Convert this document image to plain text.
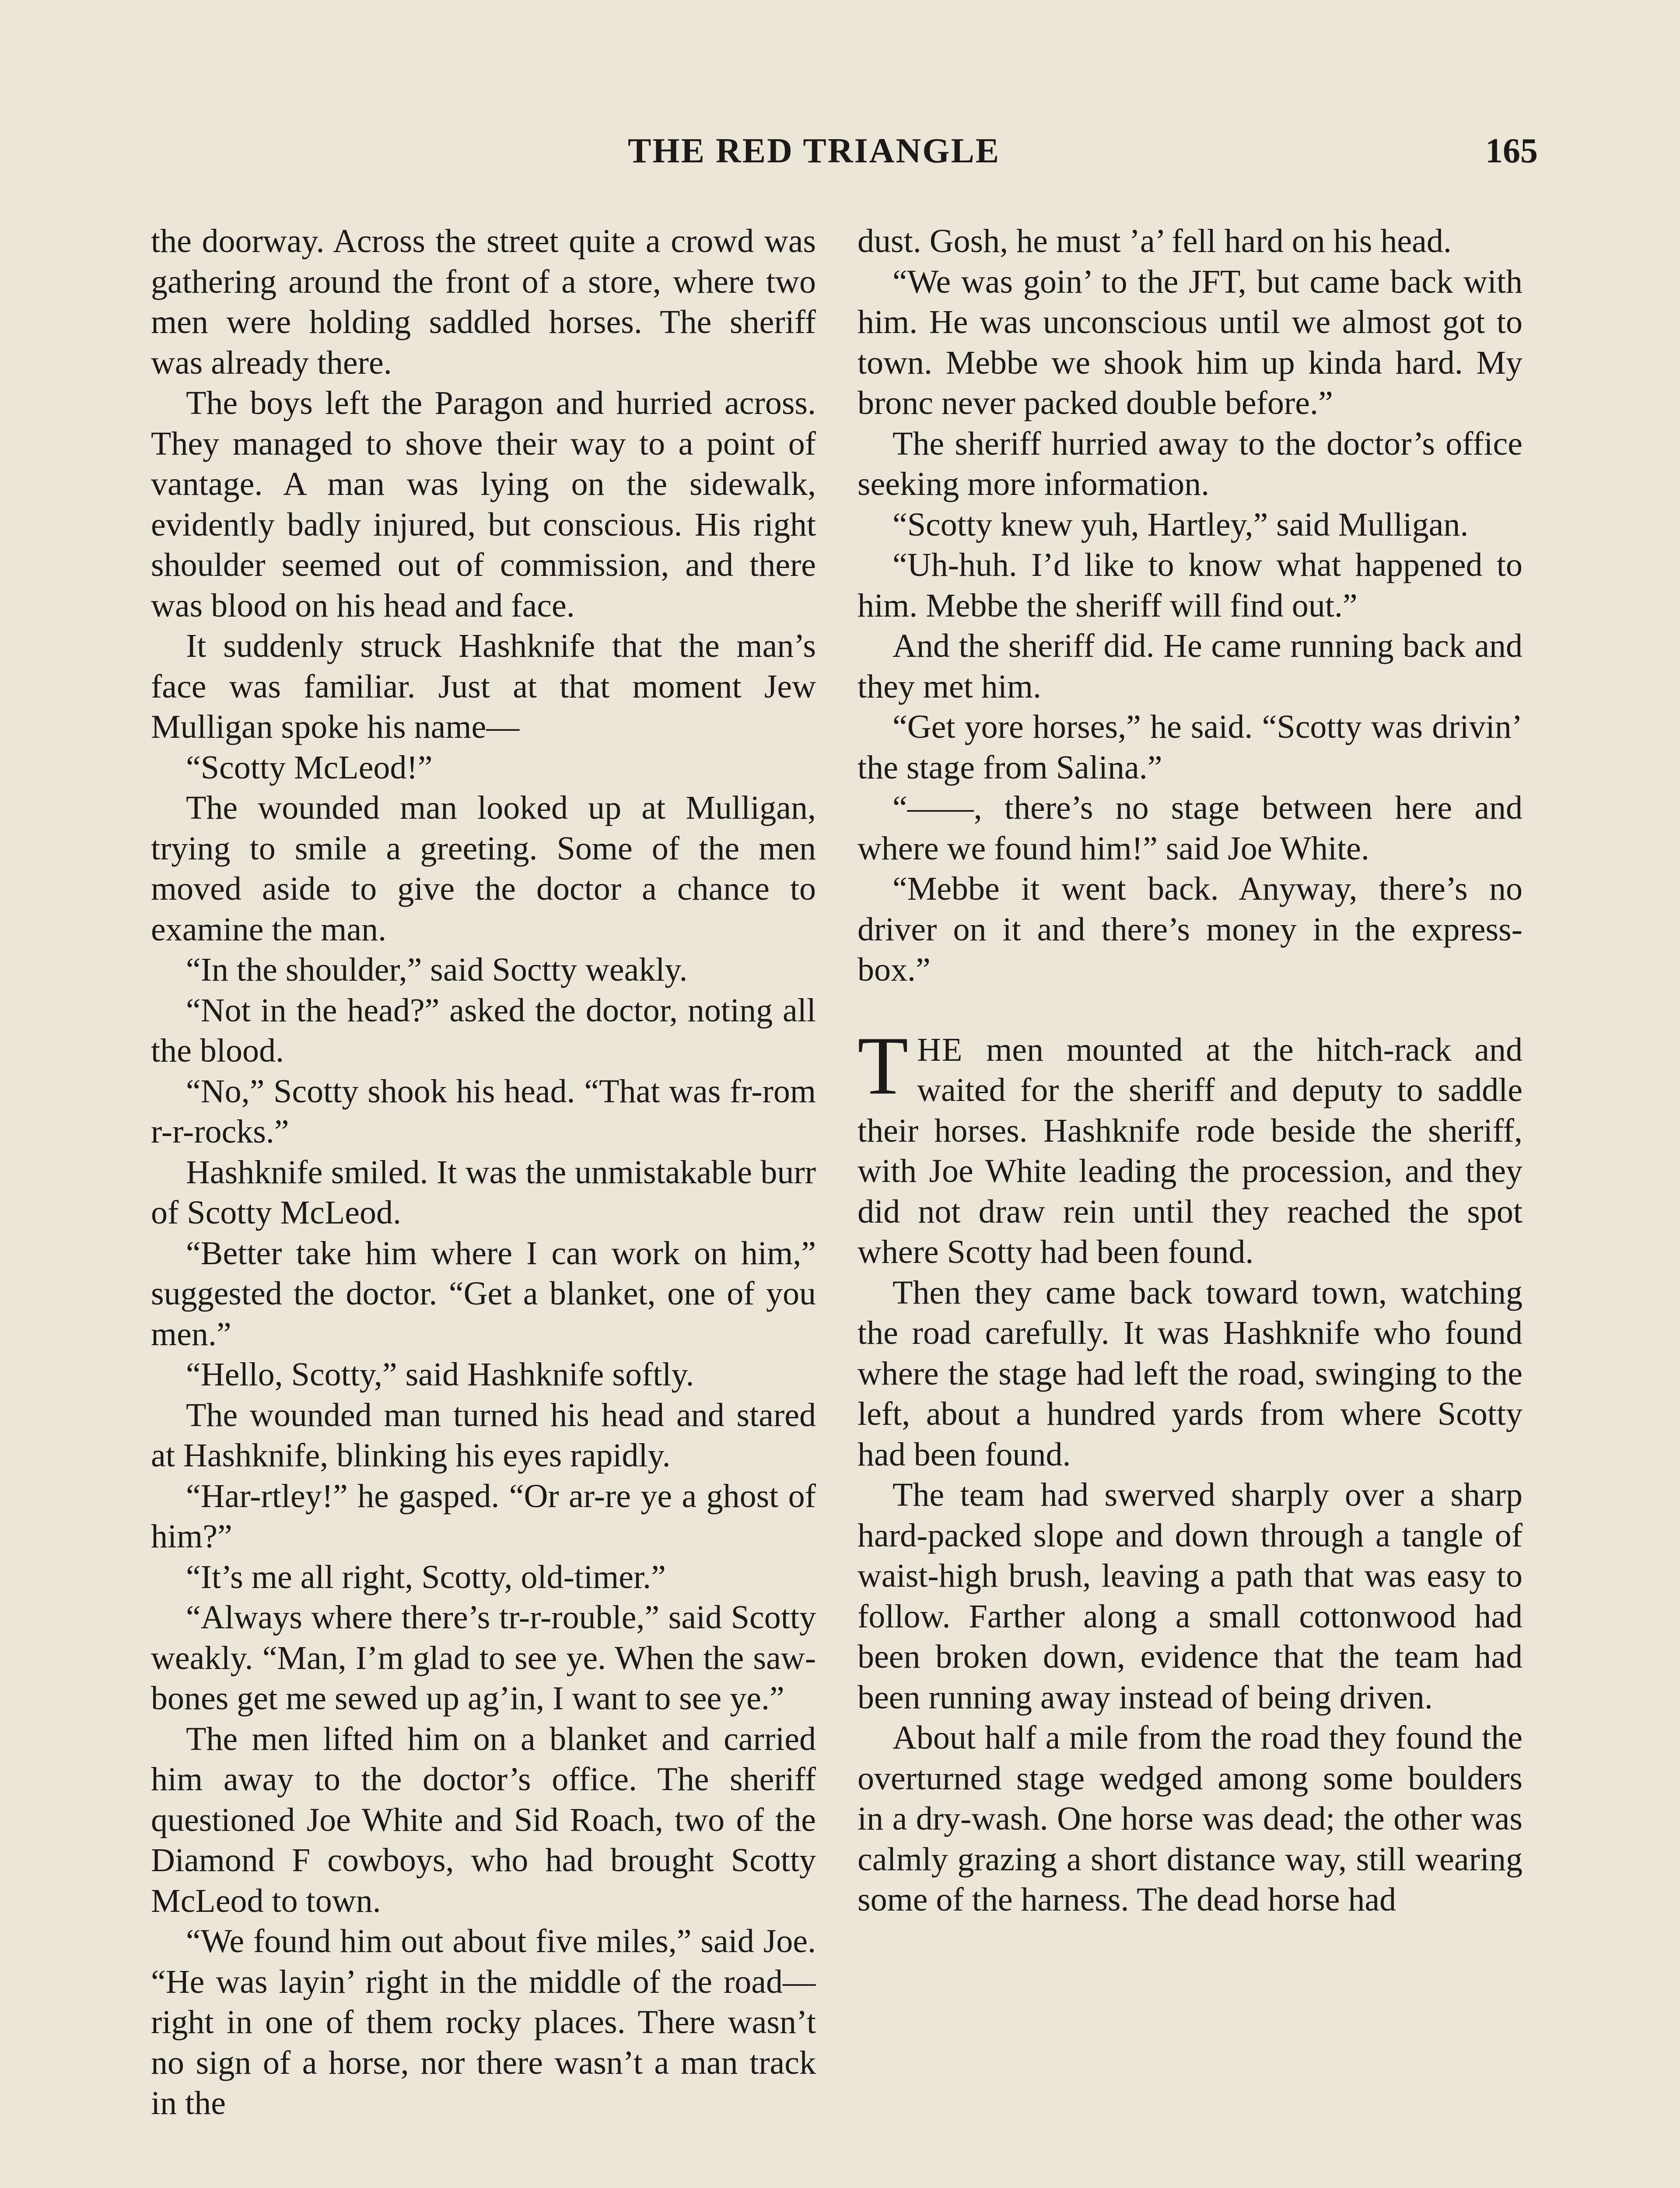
THE RED TRIANGLE	165

the doorway. Across the street quite a crowd was gathering around the front of a store, where two men were holding saddled horses. The sheriff was already there.

The boys left the Paragon and hurried across. They managed to shove their way to a point of vantage. A man was lying on the sidewalk, evidently badly injured, but conscious. His right shoulder seemed out of commission, and there was blood on his head and face.

It suddenly struck Hashknife that the man’s face was familiar. Just at that moment Jew Mulligan spoke his name—

“Scotty McLeod!”

The wounded man looked up at Mulligan, trying to smile a greeting. Some of the men moved aside to give the doctor a chance to examine the man.

“In the shoulder,” said Soctty weakly.

“Not in the head?” asked the doctor, noting all the blood.

“No,” Scotty shook his head. “That was fr-rom r-r-rocks.”

Hashknife smiled. It was the unmistakable burr of Scotty McLeod.

“Better take him where I can work on him,” suggested the doctor. “Get a blanket, one of you men.”

“Hello, Scotty,” said Hashknife softly.

The wounded man turned his head and stared at Hashknife, blinking his eyes rapidly.

“Har-rtley!” he gasped. “Or ar-re ye a ghost of him?”

“It’s me all right, Scotty, old-timer.”

“Always where there’s tr-r-rouble,” said Scotty weakly. “Man, I’m glad to see ye. When the saw-bones get me sewed up ag’in, I want to see ye.”

The men lifted him on a blanket and carried him away to the doctor’s office. The sheriff questioned Joe White and Sid Roach, two of the Diamond F cowboys, who had brought Scotty McLeod to town.

“We found him out about five miles,” said Joe. “He was layin’ right in the middle of the road—right in one of them rocky places. There wasn’t no sign of a horse, nor there wasn’t a man track in the

dust. Gosh, he must ’a’ fell hard on his head.

“We was goin’ to the JFT, but came back with him. He was unconscious until we almost got to town. Mebbe we shook him up kinda hard. My bronc never packed double before.”

The sheriff hurried away to the doctor’s office seeking more information.

“Scotty knew yuh, Hartley,” said Mulligan.

“Uh-huh. I’d like to know what happened to him. Mebbe the sheriff will find out.”

And the sheriff did. He came running back and they met him.

“Get yore horses,” he said. “Scotty was drivin’ the stage from Salina.”

“——, there’s no stage between here and where we found him!” said Joe White.

“Mebbe it went back. Anyway, there’s no driver on it and there’s money in the express-box.”

THE men mounted at the hitch-rack and waited for the sheriff and deputy to saddle their horses. Hashknife rode beside the sheriff, with Joe White leading the procession, and they did not draw rein until they reached the spot where Scotty had been found.

Then they came back toward town, watching the road carefully. It was Hashknife who found where the stage had left the road, swinging to the left, about a hundred yards from where Scotty had been found.

The team had swerved sharply over a sharp hard-packed slope and down through a tangle of waist-high brush, leaving a path that was easy to follow. Farther along a small cottonwood had been broken down, evidence that the team had been running away instead of being driven.

About half a mile from the road they found the overturned stage wedged among some boulders in a dry-wash. One horse was dead; the other was calmly grazing a short distance way, still wearing some of the harness. The dead horse had
